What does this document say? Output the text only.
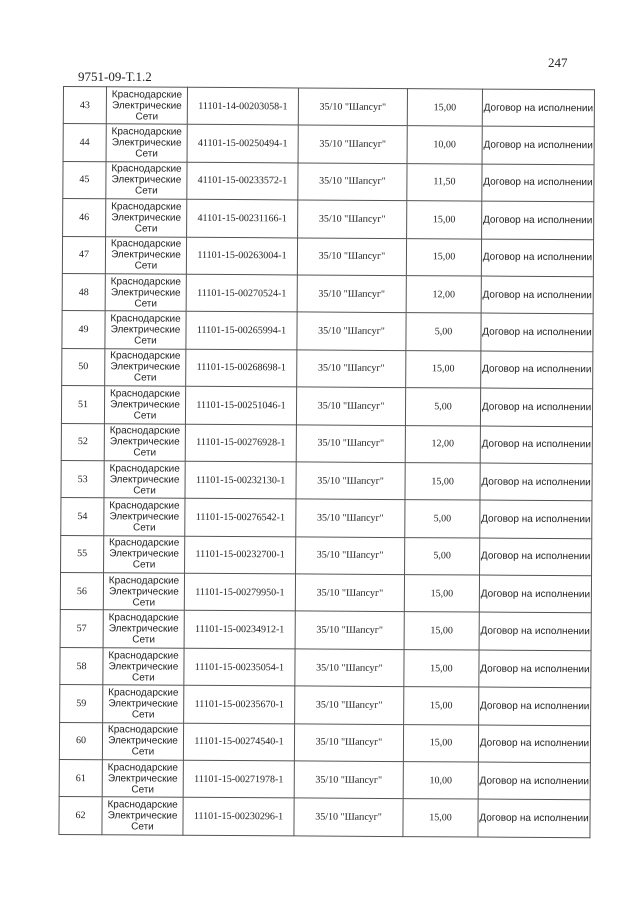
247
9751-09-Т.1.2
43	Краснодарские Электрические Сети	11101-14-00203058-1	35/10 "Шапсуг"	15,00	Договор на исполнении
44	Краснодарские Электрические Сети	41101-15-00250494-1	35/10 "Шапсуг"	10,00	Договор на исполнении
45	Краснодарские Электрические Сети	41101-15-00233572-1	35/10 "Шапсуг"	11,50	Договор на исполнении
46	Краснодарские Электрические Сети	41101-15-00231166-1	35/10 "Шапсуг"	15,00	Договор на исполнении
47	Краснодарские Электрические Сети	11101-15-00263004-1	35/10 "Шапсуг"	15,00	Договор на исполнении
48	Краснодарские Электрические Сети	11101-15-00270524-1	35/10 "Шапсуг"	12,00	Договор на исполнении
49	Краснодарские Электрические Сети	11101-15-00265994-1	35/10 "Шапсуг"	5,00	Договор на исполнении
50	Краснодарские Электрические Сети	11101-15-00268698-1	35/10 "Шапсуг"	15,00	Договор на исполнении
51	Краснодарские Электрические Сети	11101-15-00251046-1	35/10 "Шапсуг"	5,00	Договор на исполнении
52	Краснодарские Электрические Сети	11101-15-00276928-1	35/10 "Шапсуг"	12,00	Договор на исполнении
53	Краснодарские Электрические Сети	11101-15-00232130-1	35/10 "Шапсуг"	15,00	Договор на исполнении
54	Краснодарские Электрические Сети	11101-15-00276542-1	35/10 "Шапсуг"	5,00	Договор на исполнении
55	Краснодарские Электрические Сети	11101-15-00232700-1	35/10 "Шапсуг"	5,00	Договор на исполнении
56	Краснодарские Электрические Сети	11101-15-00279950-1	35/10 "Шапсуг"	15,00	Договор на исполнении
57	Краснодарские Электрические Сети	11101-15-00234912-1	35/10 "Шапсуг"	15,00	Договор на исполнении
58	Краснодарские Электрические Сети	11101-15-00235054-1	35/10 "Шапсуг"	15,00	Договор на исполнении
59	Краснодарские Электрические Сети	11101-15-00235670-1	35/10 "Шапсуг"	15,00	Договор на исполнении
60	Краснодарские Электрические Сети	11101-15-00274540-1	35/10 "Шапсуг"	15,00	Договор на исполнении
61	Краснодарские Электрические Сети	11101-15-00271978-1	35/10 "Шапсуг"	10,00	Договор на исполнении
62	Краснодарские Электрические Сети	11101-15-00230296-1	35/10 "Шапсуг"	15,00	Договор на исполнении
